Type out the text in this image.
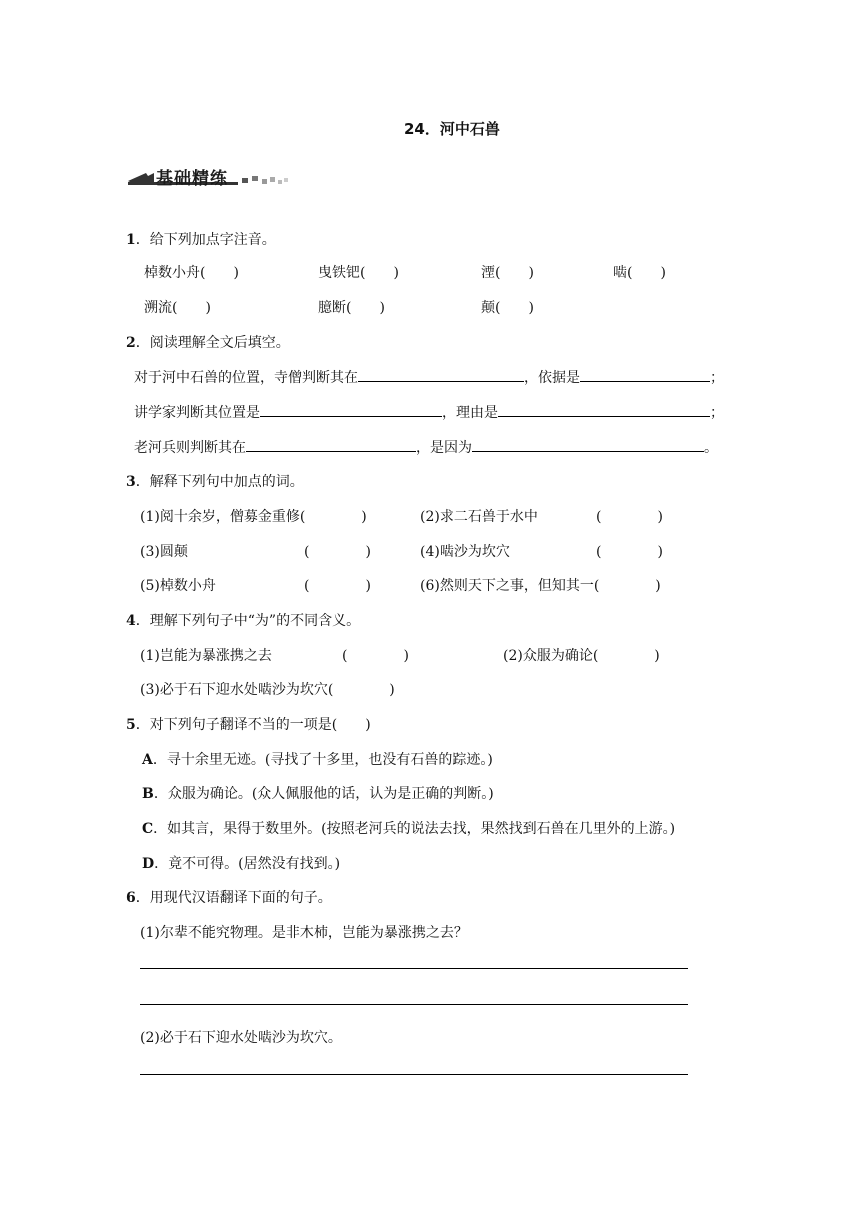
24．河中石兽
基础精练
1．给下列加点字注音。
棹数小舟(　　)	曳铁钯(　　)	湮(　　)	啮(　　)
溯流(　　)	臆断(　　)	颠(　　)
2．阅读理解全文后填空。
对于河中石兽的位置，寺僧判断其在	，依据是	；
讲学家判断其位置是	，理由是	；
老河兵则判断其在	，是因为	。
3．解释下列句中加点的词。
(1)阅十余岁，僧募金重修(　　　　)	(2)求二石兽于水中	(　　　　)
(3)圆颠	(　　　　)	(4)啮沙为坎穴	(　　　　)
(5)棹数小舟	(　　　　)	(6)然则天下之事，但知其一(　　　　)
4．理解下列句子中“为”的不同含义。
(1)岂能为暴涨携之去	(　　　　)	(2)众服为确论(　　　　)
(3)必于石下迎水处啮沙为坎穴(　　　　)
5．对下列句子翻译不当的一项是(　　)
A．寻十余里无迹。(寻找了十多里，也没有石兽的踪迹。)
B．众服为确论。(众人佩服他的话，认为是正确的判断。)
C．如其言，果得于数里外。(按照老河兵的说法去找，果然找到石兽在几里外的上游。)
D．竟不可得。(居然没有找到。)
6．用现代汉语翻译下面的句子。
(1)尔辈不能究物理。是非木杮，岂能为暴涨携之去？
(2)必于石下迎水处啮沙为坎穴。
